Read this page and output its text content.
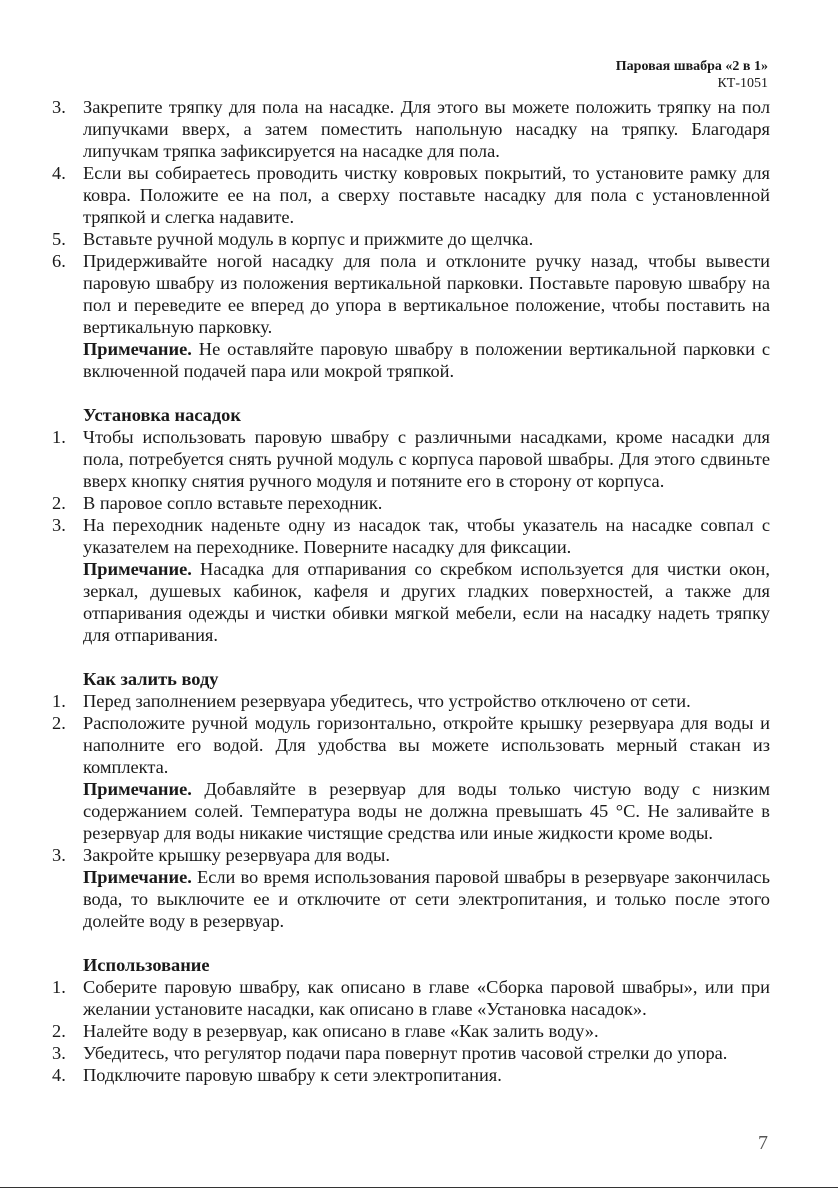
Паровая швабра «2 в 1»
КТ-1051
3. Закрепите тряпку для пола на насадке. Для этого вы можете положить тряпку на пол липучками вверх, а затем поместить напольную насадку на тряпку. Благодаря липучкам тряпка зафиксируется на насадке для пола.
4. Если вы собираетесь проводить чистку ковровых покрытий, то установите рамку для ковра. Положите ее на пол, а сверху поставьте насадку для пола с установленной тряпкой и слегка надавите.
5. Вставьте ручной модуль в корпус и прижмите до щелчка.
6. Придерживайте ногой насадку для пола и отклоните ручку назад, чтобы вывести паровую швабру из положения вертикальной парковки. Поставьте паровую швабру на пол и переведите ее вперед до упора в вертикальное положение, чтобы поставить на вертикальную парковку.
Примечание. Не оставляйте паровую швабру в положении вертикальной парковки с включенной подачей пара или мокрой тряпкой.
Установка насадок
1. Чтобы использовать паровую швабру с различными насадками, кроме насадки для пола, потребуется снять ручной модуль с корпуса паровой швабры. Для этого сдвиньте вверх кнопку снятия ручного модуля и потяните его в сторону от корпуса.
2. В паровое сопло вставьте переходник.
3. На переходник наденьте одну из насадок так, чтобы указатель на насадке совпал с указателем на переходнике. Поверните насадку для фиксации.
Примечание. Насадка для отпаривания со скребком используется для чистки окон, зеркал, душевых кабинок, кафеля и других гладких поверхностей, а также для отпаривания одежды и чистки обивки мягкой мебели, если на насадку надеть тряпку для отпаривания.
Как залить воду
1. Перед заполнением резервуара убедитесь, что устройство отключено от сети.
2. Расположите ручной модуль горизонтально, откройте крышку резервуара для воды и наполните его водой. Для удобства вы можете использовать мерный стакан из комплекта.
Примечание. Добавляйте в резервуар для воды только чистую воду с низким содержанием солей. Температура воды не должна превышать 45 °С. Не заливайте в резервуар для воды никакие чистящие средства или иные жидкости кроме воды.
3. Закройте крышку резервуара для воды.
Примечание. Если во время использования паровой швабры в резервуаре закончилась вода, то выключите ее и отключите от сети электропитания, и только после этого долейте воду в резервуар.
Использование
1. Соберите паровую швабру, как описано в главе «Сборка паровой швабры», или при желании установите насадки, как описано в главе «Установка насадок».
2. Налейте воду в резервуар, как описано в главе «Как залить воду».
3. Убедитесь, что регулятор подачи пара повернут против часовой стрелки до упора.
4. Подключите паровую швабру к сети электропитания.
7
